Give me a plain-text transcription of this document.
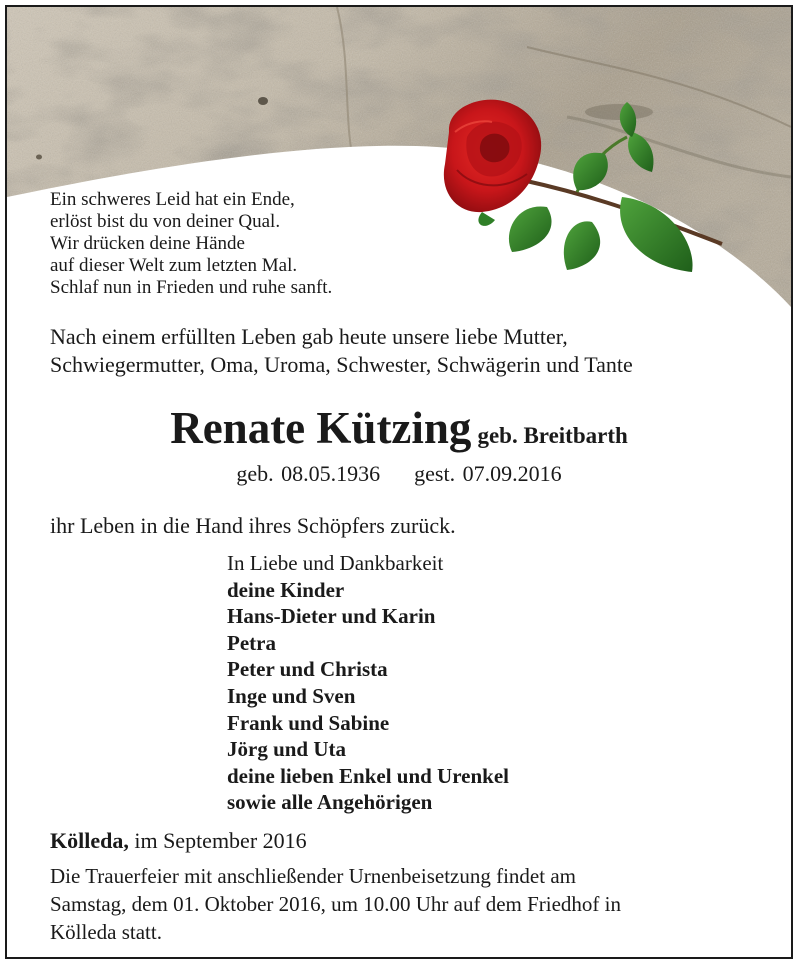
Ein schweres Leid hat ein Ende,
erlöst bist du von deiner Qual.
Wir drücken deine Hände
auf dieser Welt zum letzten Mal.
Schlaf nun in Frieden und ruhe sanft.
Nach einem erfüllten Leben gab heute unsere liebe Mutter,
Schwiegermutter, Oma, Uroma, Schwester, Schwägerin und Tante
Renate Kützing geb. Breitbarth
geb. 08.05.1936 gest. 07.09.2016
ihr Leben in die Hand ihres Schöpfers zurück.
In Liebe und Dankbarkeit
deine Kinder
Hans-Dieter und Karin
Petra
Peter und Christa
Inge und Sven
Frank und Sabine
Jörg und Uta
deine lieben Enkel und Urenkel
sowie alle Angehörigen
Kölleda, im September 2016
Die Trauerfeier mit anschließender Urnenbeisetzung findet am
Samstag, dem 01. Oktober 2016, um 10.00 Uhr auf dem Friedhof in
Kölleda statt.
